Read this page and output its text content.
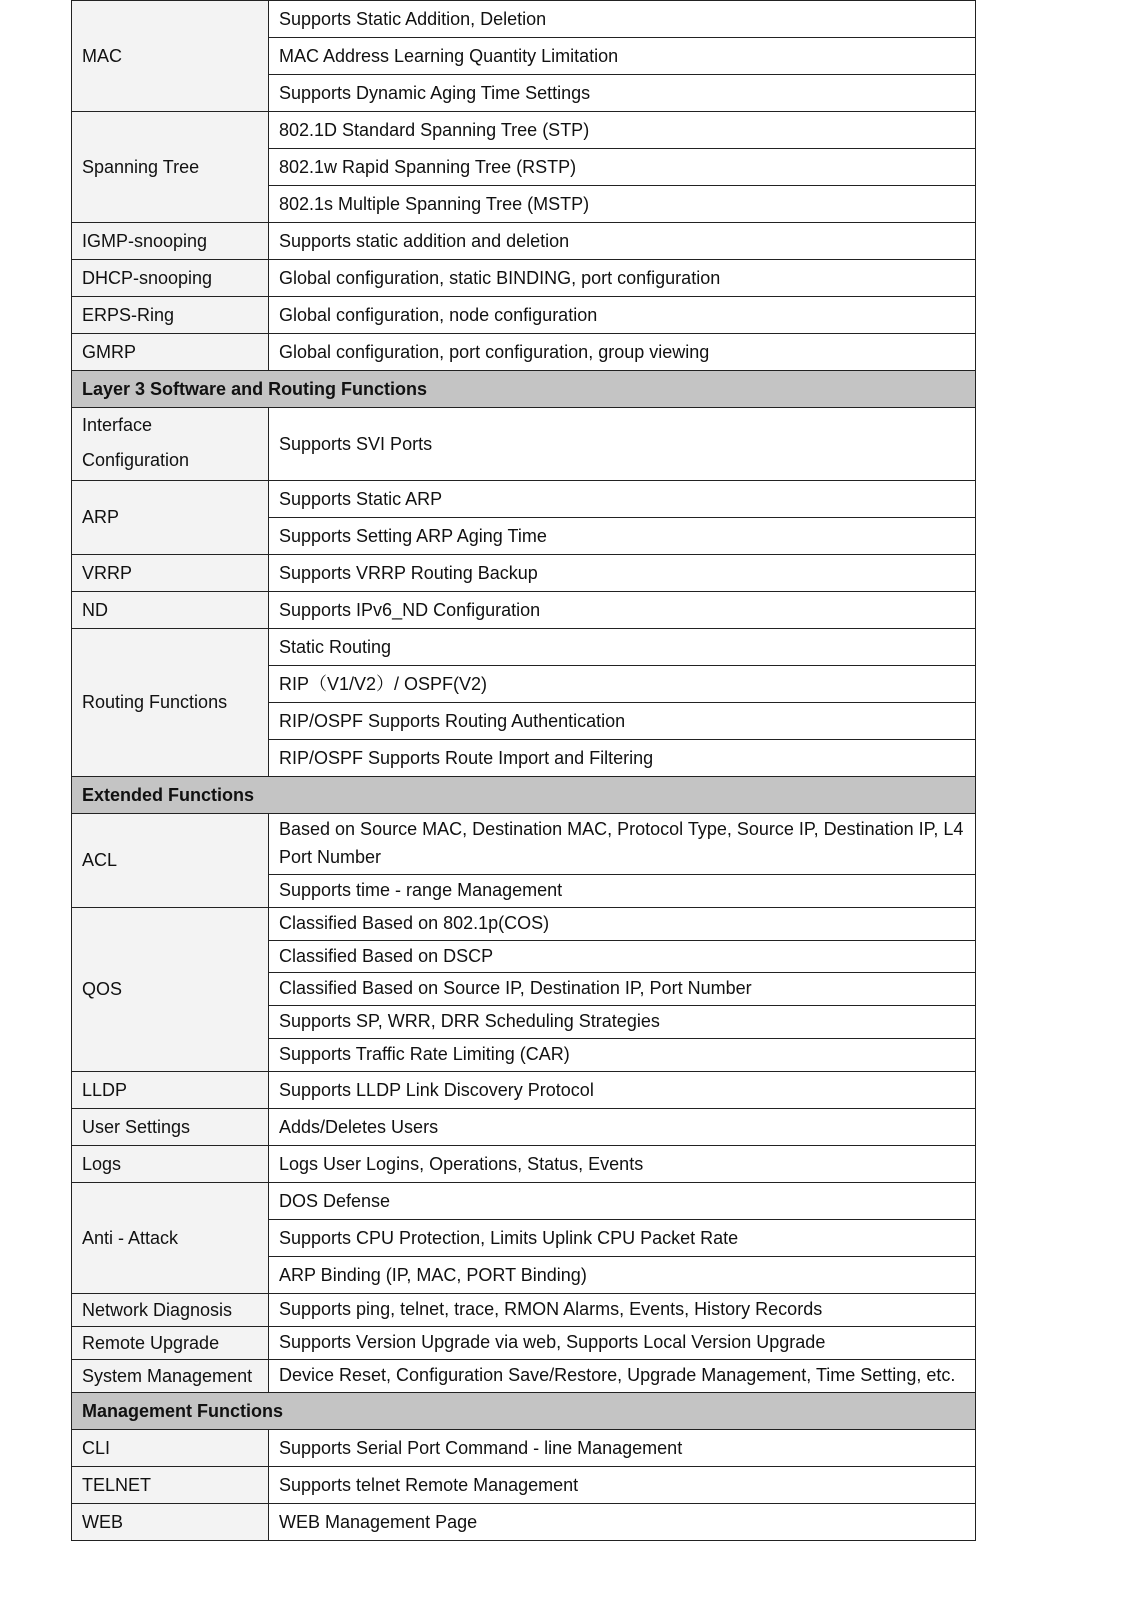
MAC	Supports Static Addition, Deletion
	MAC Address Learning Quantity Limitation
	Supports Dynamic Aging Time Settings
Spanning Tree	802.1D Standard Spanning Tree (STP)
	802.1w Rapid Spanning Tree (RSTP)
	802.1s Multiple Spanning Tree (MSTP)
IGMP-snooping	Supports static addition and deletion
DHCP-snooping	Global configuration, static BINDING, port configuration
ERPS-Ring	Global configuration, node configuration
GMRP	Global configuration, port configuration, group viewing
Layer 3 Software and Routing Functions	
Interface Configuration	Supports SVI Ports
ARP	Supports Static ARP
	Supports Setting ARP Aging Time
VRRP	Supports VRRP Routing Backup
ND	Supports IPv6_ND Configuration
Routing Functions	Static Routing
	RIP（V1/V2）/ OSPF(V2)
	RIP/OSPF Supports Routing Authentication
	RIP/OSPF Supports Route Import and Filtering
Extended Functions	
ACL	Based on Source MAC, Destination MAC, Protocol Type, Source IP, Destination IP, L4 Port Number
	Supports time - range Management
QOS	Classified Based on 802.1p(COS)
	Classified Based on DSCP
	Classified Based on Source IP, Destination IP, Port Number
	Supports SP, WRR, DRR Scheduling Strategies
	Supports Traffic Rate Limiting (CAR)
LLDP	Supports LLDP Link Discovery Protocol
User Settings	Adds/Deletes Users
Logs	Logs User Logins, Operations, Status, Events
Anti - Attack	DOS Defense
	Supports CPU Protection, Limits Uplink CPU Packet Rate
	ARP Binding (IP, MAC, PORT Binding)
Network Diagnosis	Supports ping, telnet, trace, RMON Alarms, Events, History Records
Remote Upgrade	Supports Version Upgrade via web, Supports Local Version Upgrade
System Management	Device Reset, Configuration Save/Restore, Upgrade Management, Time Setting, etc.
Management Functions	
CLI	Supports Serial Port Command - line Management
TELNET	Supports telnet Remote Management
WEB	WEB Management Page
